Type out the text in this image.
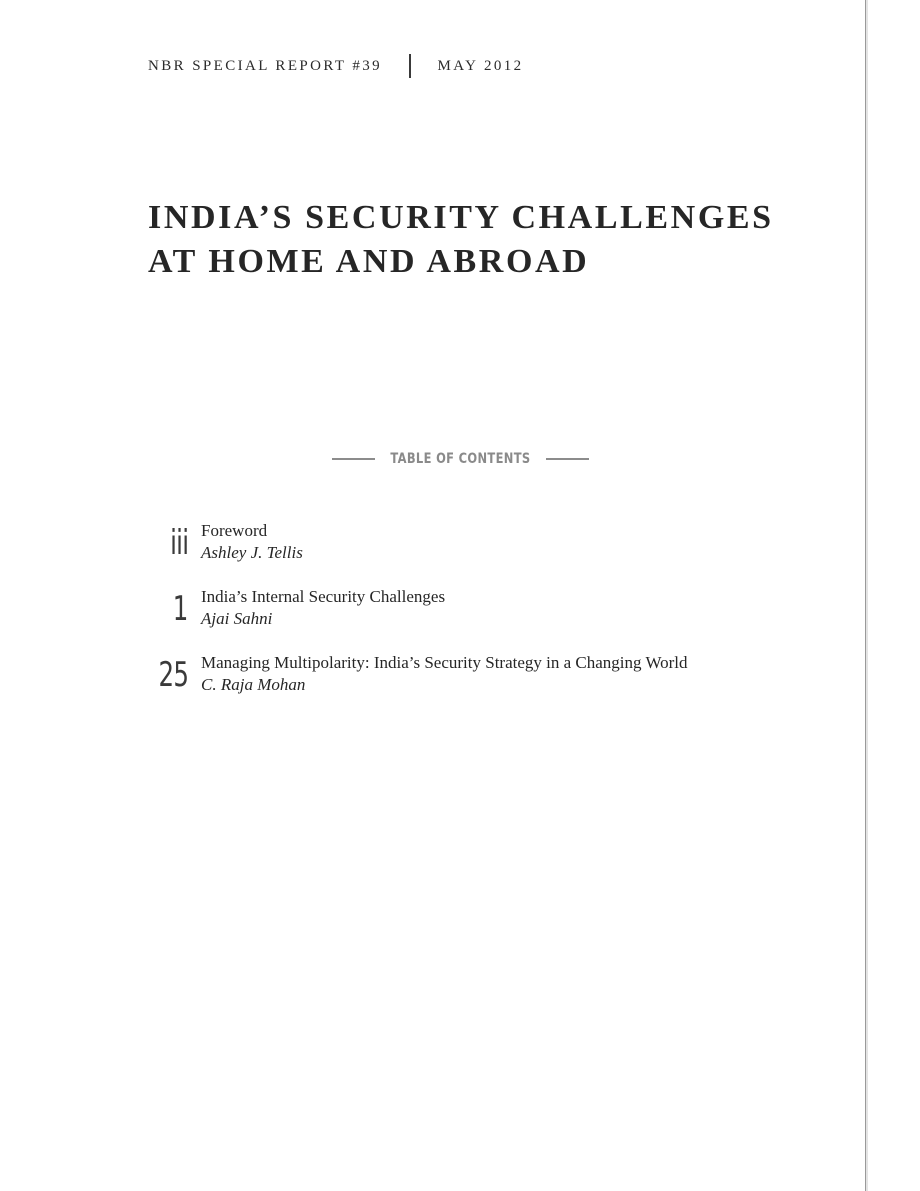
NBR SPECIAL REPORT #39	MAY 2012
INDIA’S SECURITY CHALLENGES
AT HOME AND ABROAD
TABLE OF CONTENTS
iii Foreword
Ashley J. Tellis
1 India’s Internal Security Challenges
Ajai Sahni
25 Managing Multipolarity: India’s Security Strategy in a Changing World
C. Raja Mohan
